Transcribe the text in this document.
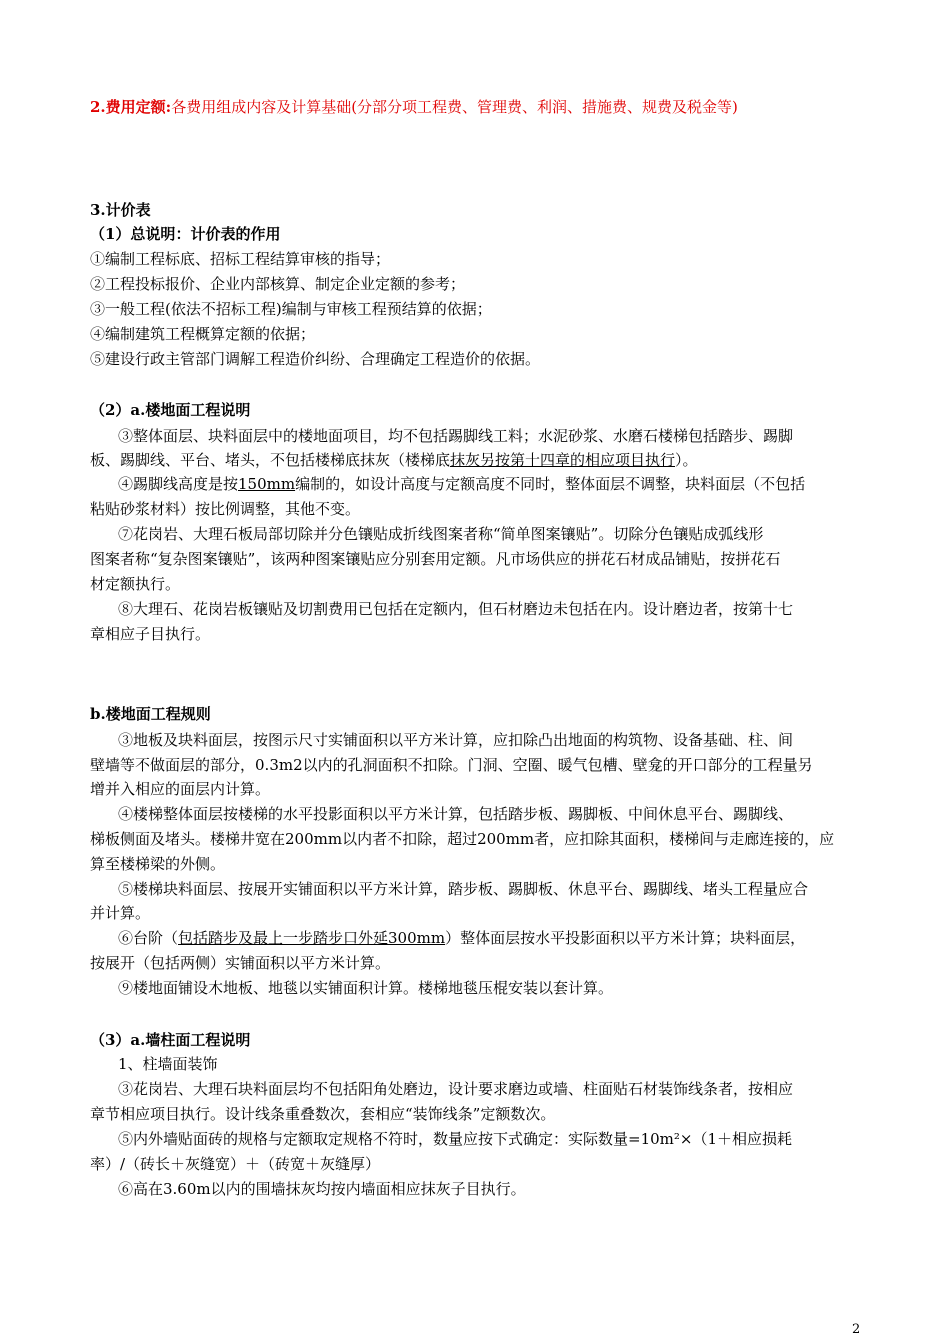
2.费用定额:各费用组成内容及计算基础(分部分项工程费、管理费、利润、措施费、规费及税金等)
3.计价表
（1）总说明：计价表的作用
①编制工程标底、招标工程结算审核的指导；
②工程投标报价、企业内部核算、制定企业定额的参考；
③一般工程(依法不招标工程)编制与审核工程预结算的依据；
④编制建筑工程概算定额的依据；
⑤建设行政主管部门调解工程造价纠纷、合理确定工程造价的依据。
（2）a.楼地面工程说明
③整体面层、块料面层中的楼地面项目，均不包括踢脚线工料；水泥砂浆、水磨石楼梯包括踏步、踢脚
板、踢脚线、平台、堵头，不包括楼梯底抹灰（楼梯底抹灰另按第十四章的相应项目执行）。
④踢脚线高度是按150mm编制的，如设计高度与定额高度不同时，整体面层不调整，块料面层（不包括
粘贴砂浆材料）按比例调整，其他不变。
⑦花岗岩、大理石板局部切除并分色镶贴成折线图案者称“简单图案镶贴”。切除分色镶贴成弧线形
图案者称“复杂图案镶贴”，该两种图案镶贴应分别套用定额。凡市场供应的拼花石材成品铺贴，按拼花石
材定额执行。
⑧大理石、花岗岩板镶贴及切割费用已包括在定额内，但石材磨边未包括在内。设计磨边者，按第十七
章相应子目执行。
b.楼地面工程规则
③地板及块料面层，按图示尺寸实铺面积以平方米计算，应扣除凸出地面的构筑物、设备基础、柱、间
壁墙等不做面层的部分，0.3m2以内的孔洞面积不扣除。门洞、空圈、暖气包槽、壁龛的开口部分的工程量另
增并入相应的面层内计算。
④楼梯整体面层按楼梯的水平投影面积以平方米计算，包括踏步板、踢脚板、中间休息平台、踢脚线、
梯板侧面及堵头。楼梯井宽在200mm以内者不扣除，超过200mm者，应扣除其面积，楼梯间与走廊连接的，应
算至楼梯梁的外侧。
⑤楼梯块料面层、按展开实铺面积以平方米计算，踏步板、踢脚板、休息平台、踢脚线、堵头工程量应合
并计算。
⑥台阶（包括踏步及最上一步踏步口外延300mm）整体面层按水平投影面积以平方米计算；块料面层，
按展开（包括两侧）实铺面积以平方米计算。
⑨楼地面铺设木地板、地毯以实铺面积计算。楼梯地毯压棍安装以套计算。
（3）a.墙柱面工程说明
1、柱墙面装饰
③花岗岩、大理石块料面层均不包括阳角处磨边，设计要求磨边或墙、柱面贴石材装饰线条者，按相应
章节相应项目执行。设计线条重叠数次，套相应“装饰线条”定额数次。
⑤内外墙贴面砖的规格与定额取定规格不符时，数量应按下式确定：实际数量=10m²×（1＋相应损耗
率）/（砖长＋灰缝宽）＋（砖宽＋灰缝厚）
⑥高在3.60m以内的围墙抹灰均按内墙面相应抹灰子目执行。
2
